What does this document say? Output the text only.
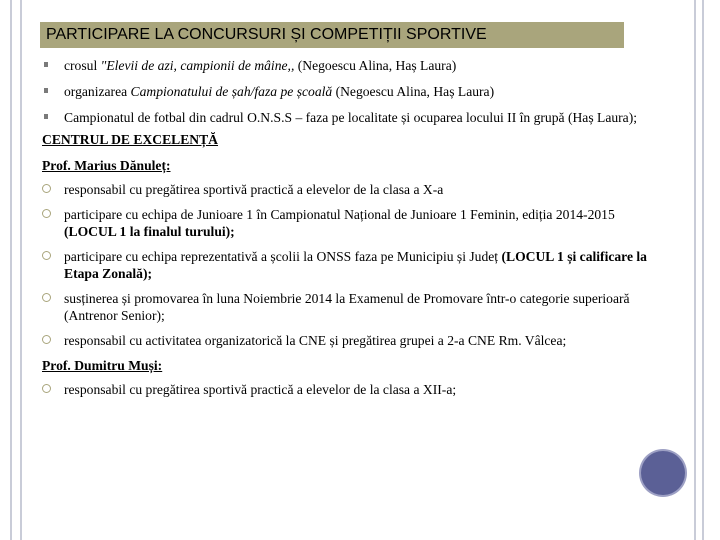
PARTICIPARE LA CONCURSURI ȘI COMPETIȚII SPORTIVE
crosul "Elevii de azi, campionii de mâine,, (Negoescu Alina, Haș Laura)
organizarea Campionatului de șah/faza pe școală (Negoescu Alina, Haș Laura)
Campionatul de fotbal din cadrul O.N.S.S – faza pe localitate și ocuparea locului II în grupă (Haș Laura);
CENTRUL DE EXCELENȚĂ
Prof. Marius Dănuleț:
responsabil cu pregătirea sportivă practică a elevelor de la clasa a X-a
participare cu echipa de Junioare 1 în Campionatul Național de Junioare 1 Feminin, ediția 2014-2015 (LOCUL 1 la finalul turului);
participare cu echipa reprezentativă a școlii la ONSS faza pe Municipiu și Județ (LOCUL 1 și calificare la Etapa Zonală);
susținerea și promovarea în luna Noiembrie 2014 la Examenul de Promovare într-o categorie superioară (Antrenor Senior);
responsabil cu activitatea organizatorică la CNE și pregătirea grupei a 2-a CNE Rm. Vâlcea;
Prof. Dumitru Muși:
responsabil cu pregătirea sportivă practică a elevelor de la clasa a XII-a;
